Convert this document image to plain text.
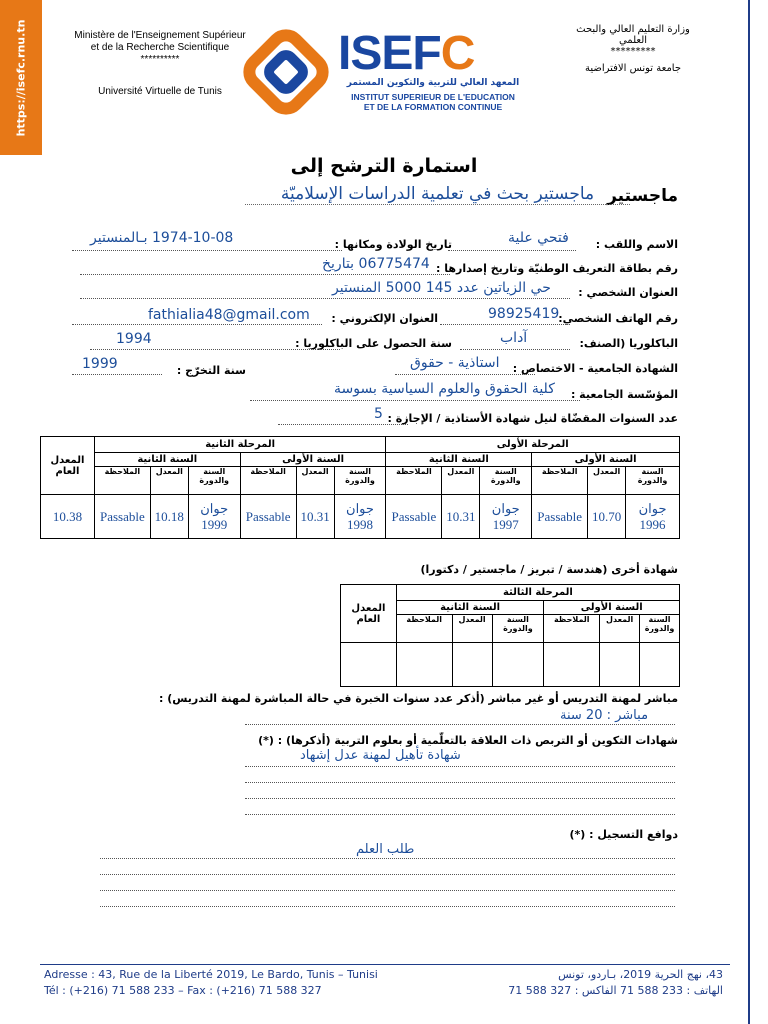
https://isefc.rnu.tn	Ministère de l'Enseignement Supérieur
et de la Recherche Scientifique
**********
Université Virtuelle de Tunis
وزارة التعليم العالي والبحث
العلمي
*********
جامعة تونس الافتراضية
ISEFC
المعهد العالي للتربية والتكوين المستمر
INSTITUT SUPERIEUR DE L'EDUCATION
ET DE LA FORMATION CONTINUE
استمارة الترشح إلى
ماجستير
ماجستير بحث في تعلمية الدراسات الإسلاميّة
الاسم واللقب :
فتحي علية
تاريخ الولادة ومكانها :
1974-10-08 بـالمنستير
رقم بطاقة التعريف الوطنيّة وتاريخ إصدارها :
06775474 بتاريخ
العنوان الشخصي :
حي الزياتين عدد 145 5000 المنستير
رقم الهاتف الشخصي:
98925419
العنوان الإلكتروني :
fathialia48@gmail.com
الباكلوريا (الصنف:
آداب
سنة الحصول على الباكلوريا :
1994
الشهادة الجامعية - الاختصاص :
استاذية - حقوق
سنة التخرّج :
1999
المؤسّسة الجامعية :
كلية الحقوق والعلوم السياسية بسوسة
عدد السنوات المقضّاة لنيل شهادة الأستاذية / الإجازة :
5
المعدل العام	المرحلة الثانية						المرحلة الأولى					
	السنة الثانية			السنة الأولى			السنة الثانية			السنة الأولى		
	الملاحظة	المعدل	السنة والدورة	الملاحظة	المعدل	السنة والدورة	الملاحظة	المعدل	السنة والدورة	الملاحظة	المعدل	السنة والدورة
10.38	Passable	10.18	جوان 1999	Passable	10.31	جوان 1998	Passable	10.31	جوان 1997	Passable	10.70	جوان 1996
شهادة أخرى (هندسة / تبريز / ماجستير / دكتورا)
المعدل العام	المرحلة الثالثة					
	السنة الثانية			السنة الأولى		
	الملاحظة	المعدل	السنة والدورة	الملاحظة	المعدل	السنة والدورة

مباشر لمهنة التدريس أو غير مباشر (أذكر عدد سنوات الخبرة في حالة المباشرة لمهنة التدريس) :
مباشر : 20 سنة
شهادات التكوين أو التربص ذات العلاقة بالتعلّمية أو بعلوم التربية (أذكرها) : (*)
شهادة تأهيل لمهنة عدل إشهاد
دوافع التسجيل : (*)
طلب العلم
Adresse : 43, Rue de la Liberté 2019, Le Bardo, Tunis – Tunisi
Tél : (+216) 71 588 233 – Fax : (+216) 71 588 327
43، نهج الحرية 2019، بـاردو، تونس
الهاتف : 233 588 71 الفاكس : 327 588 71
